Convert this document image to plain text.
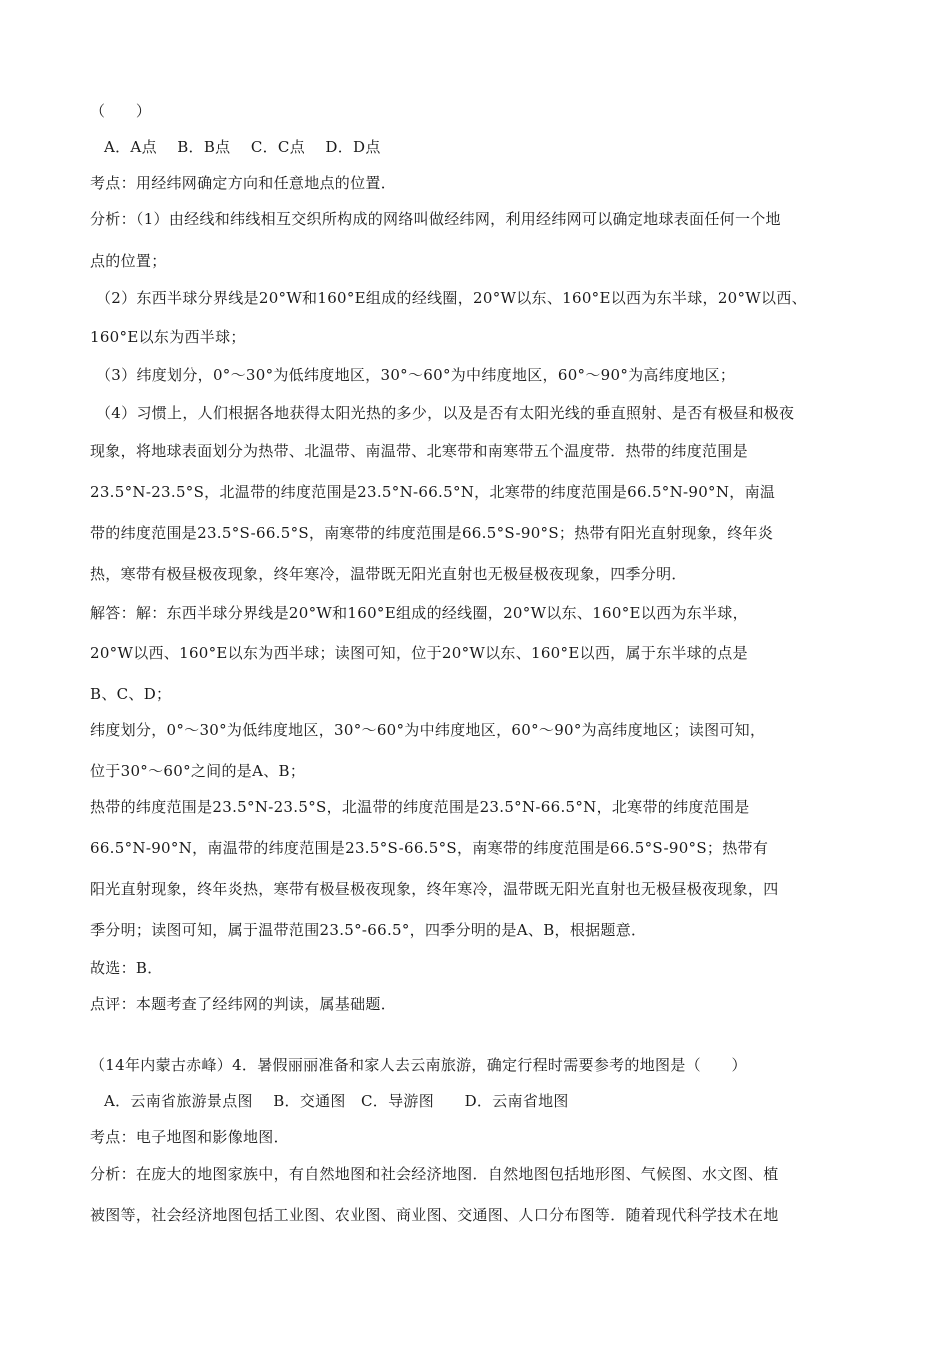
（　　）
A．A点　 B．B点　 C．C点　 D．D点
考点：用经纬网确定方向和任意地点的位置．
分析：（1）由经线和纬线相互交织所构成的网络叫做经纬网，利用经纬网可以确定地球表面任何一个地
点的位置；
（2）东西半球分界线是20°W和160°E组成的经线圈，20°W以东、160°E以西为东半球，20°W以西、
160°E以东为西半球；
（3）纬度划分，0°～30°为低纬度地区，30°～60°为中纬度地区，60°～90°为高纬度地区；
（4）习惯上，人们根据各地获得太阳光热的多少，以及是否有太阳光线的垂直照射、是否有极昼和极夜
现象，将地球表面划分为热带、北温带、南温带、北寒带和南寒带五个温度带．热带的纬度范围是
23.5°N-23.5°S，北温带的纬度范围是23.5°N-66.5°N，北寒带的纬度范围是66.5°N-90°N，南温
带的纬度范围是23.5°S-66.5°S，南寒带的纬度范围是66.5°S-90°S；热带有阳光直射现象，终年炎
热，寒带有极昼极夜现象，终年寒冷，温带既无阳光直射也无极昼极夜现象，四季分明．
解答：解：东西半球分界线是20°W和160°E组成的经线圈，20°W以东、160°E以西为东半球，
20°W以西、160°E以东为西半球；读图可知，位于20°W以东、160°E以西，属于东半球的点是
B、C、D；
纬度划分，0°～30°为低纬度地区，30°～60°为中纬度地区，60°～90°为高纬度地区；读图可知，
位于30°～60°之间的是A、B；
热带的纬度范围是23.5°N-23.5°S，北温带的纬度范围是23.5°N-66.5°N，北寒带的纬度范围是
66.5°N-90°N，南温带的纬度范围是23.5°S-66.5°S，南寒带的纬度范围是66.5°S-90°S；热带有
阳光直射现象，终年炎热，寒带有极昼极夜现象，终年寒冷，温带既无阳光直射也无极昼极夜现象，四
季分明；读图可知，属于温带范围23.5°-66.5°，四季分明的是A、B，根据题意．
故选：B．
点评：本题考查了经纬网的判读，属基础题．
（14年内蒙古赤峰）4．暑假丽丽准备和家人去云南旅游，确定行程时需要参考的地图是（　　）
A．云南省旅游景点图　 B．交通图　C．导游图　　D．云南省地图
考点：电子地图和影像地图．
分析：在庞大的地图家族中，有自然地图和社会经济地图．自然地图包括地形图、气候图、水文图、植
被图等，社会经济地图包括工业图、农业图、商业图、交通图、人口分布图等．随着现代科学技术在地
